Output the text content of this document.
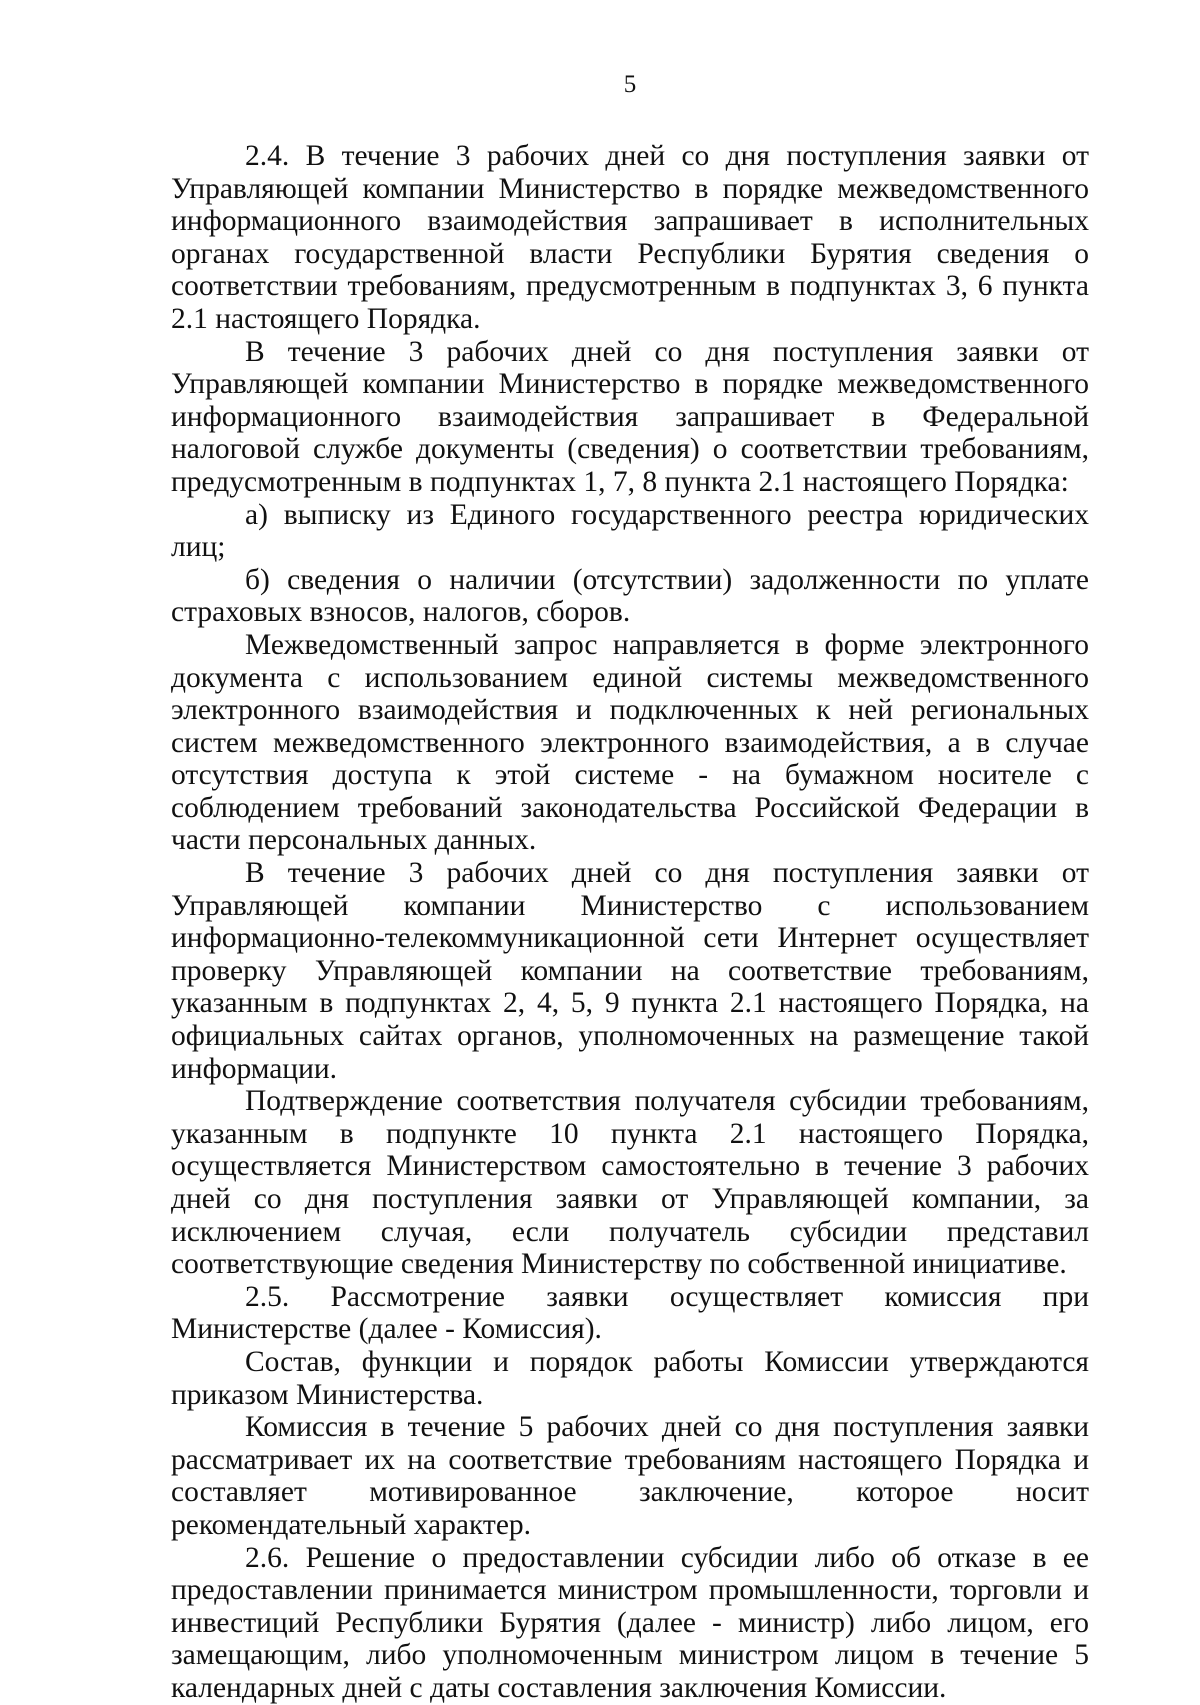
5

2.4. В течение 3 рабочих дней со дня поступления заявки от Управляющей компании Министерство в порядке межведомственного информационного взаимодействия запрашивает в исполнительных органах государственной власти Республики Бурятия сведения о соответствии требованиям, предусмотренным в подпунктах 3, 6 пункта 2.1 настоящего Порядка.

В течение 3 рабочих дней со дня поступления заявки от Управляющей компании Министерство в порядке межведомственного информационного взаимодействия запрашивает в Федеральной налоговой службе документы (сведения) о соответствии требованиям, предусмотренным в подпунктах 1, 7, 8 пункта 2.1 настоящего Порядка:

а) выписку из Единого государственного реестра юридических лиц;

б) сведения о наличии (отсутствии) задолженности по уплате страховых взносов, налогов, сборов.

Межведомственный запрос направляется в форме электронного документа с использованием единой системы межведомственного электронного взаимодействия и подключенных к ней региональных систем межведомственного электронного взаимодействия, а в случае отсутствия доступа к этой системе - на бумажном носителе с соблюдением требований законодательства Российской Федерации в части персональных данных.

В течение 3 рабочих дней со дня поступления заявки от Управляющей компании Министерство с использованием информационно-телекоммуникационной сети Интернет осуществляет проверку Управляющей компании на соответствие требованиям, указанным в подпунктах 2, 4, 5, 9 пункта 2.1 настоящего Порядка, на официальных сайтах органов, уполномоченных на размещение такой информации.

Подтверждение соответствия получателя субсидии требованиям, указанным в подпункте 10 пункта 2.1 настоящего Порядка, осуществляется Министерством самостоятельно в течение 3 рабочих дней со дня поступления заявки от Управляющей компании, за исключением случая, если получатель субсидии представил соответствующие сведения Министерству по собственной инициативе.

2.5. Рассмотрение заявки осуществляет комиссия при Министерстве (далее - Комиссия).

Состав, функции и порядок работы Комиссии утверждаются приказом Министерства.

Комиссия в течение 5 рабочих дней со дня поступления заявки рассматривает их на соответствие требованиям настоящего Порядка и составляет мотивированное заключение, которое носит рекомендательный характер.

2.6. Решение о предоставлении субсидии либо об отказе в ее предоставлении принимается министром промышленности, торговли и инвестиций Республики Бурятия (далее - министр) либо лицом, его замещающим, либо уполномоченным министром лицом в течение 5 календарных дней с даты составления заключения Комиссии.
